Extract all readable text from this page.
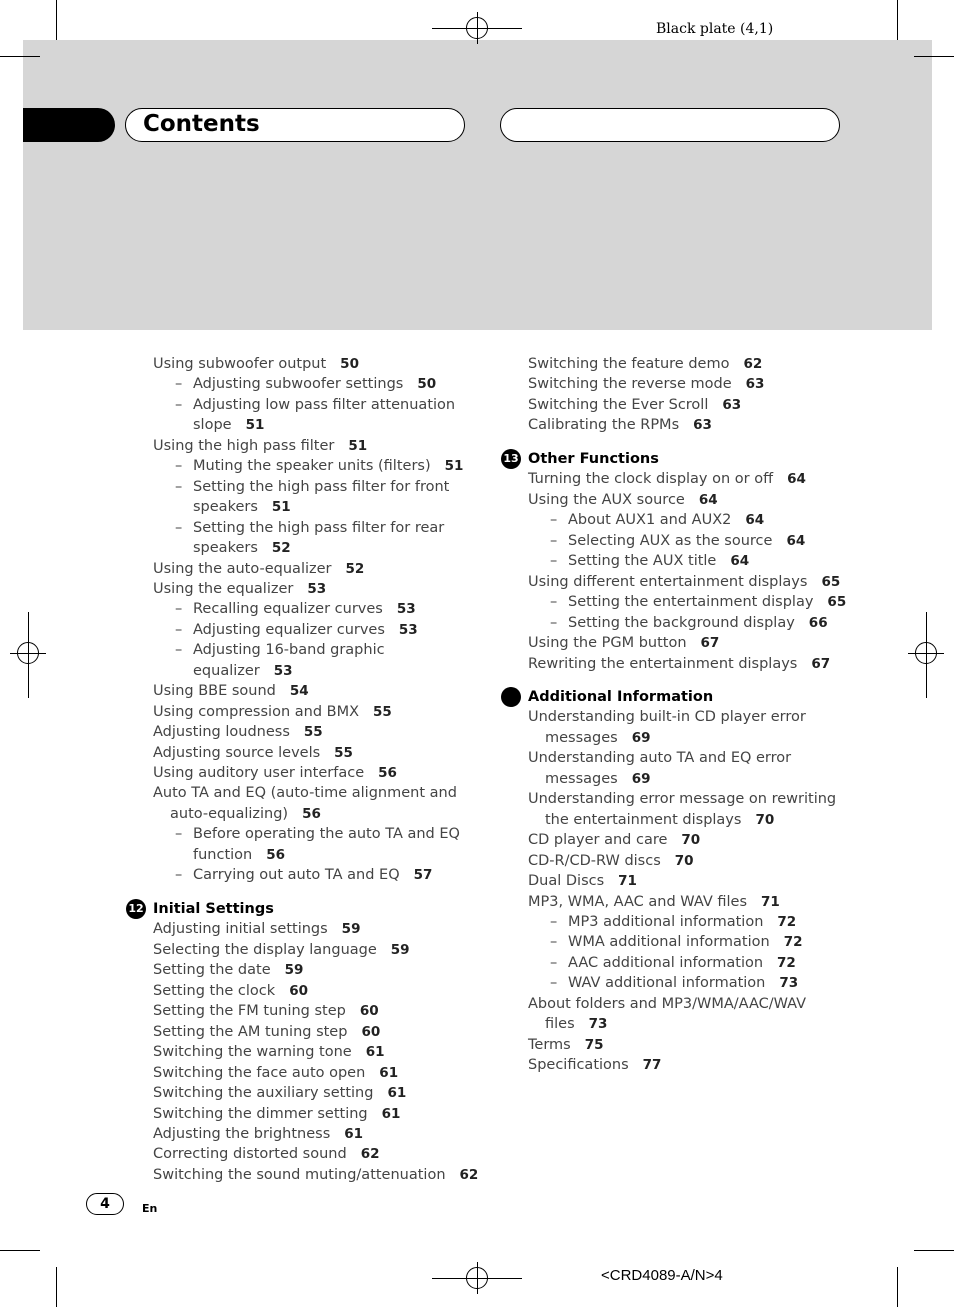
Contents
Black plate (4,1)
Using subwoofer output 50
– Adjusting subwoofer settings 50
– Adjusting low pass filter attenuation
slope 51
Using the high pass filter 51
– Muting the speaker units (filters) 51
– Setting the high pass filter for front
speakers 51
– Setting the high pass filter for rear
speakers 52
Using the auto-equalizer 52
Using the equalizer 53
– Recalling equalizer curves 53
– Adjusting equalizer curves 53
– Adjusting 16-band graphic
equalizer 53
Using BBE sound 54
Using compression and BMX 55
Adjusting loudness 55
Adjusting source levels 55
Using auditory user interface 56
Auto TA and EQ (auto-time alignment and
auto-equalizing) 56
– Before operating the auto TA and EQ
function 56
– Carrying out auto TA and EQ 57
12 Initial Settings
Adjusting initial settings 59
Selecting the display language 59
Setting the date 59
Setting the clock 60
Setting the FM tuning step 60
Setting the AM tuning step 60
Switching the warning tone 61
Switching the face auto open 61
Switching the auxiliary setting 61
Switching the dimmer setting 61
Adjusting the brightness 61
Correcting distorted sound 62
Switching the sound muting/attenuation 62
Switching the feature demo 62
Switching the reverse mode 63
Switching the Ever Scroll 63
Calibrating the RPMs 63
13 Other Functions
Turning the clock display on or off 64
Using the AUX source 64
– About AUX1 and AUX2 64
– Selecting AUX as the source 64
– Setting the AUX title 64
Using different entertainment displays 65
– Setting the entertainment display 65
– Setting the background display 66
Using the PGM button 67
Rewriting the entertainment displays 67
Additional Information
Understanding built-in CD player error
messages 69
Understanding auto TA and EQ error
messages 69
Understanding error message on rewriting
the entertainment displays 70
CD player and care 70
CD-R/CD-RW discs 70
Dual Discs 71
MP3, WMA, AAC and WAV files 71
– MP3 additional information 72
– WMA additional information 72
– AAC additional information 72
– WAV additional information 73
About folders and MP3/WMA/AAC/WAV
files 73
Terms 75
Specifications 77
4	En
<CRD4089-A/N>4
